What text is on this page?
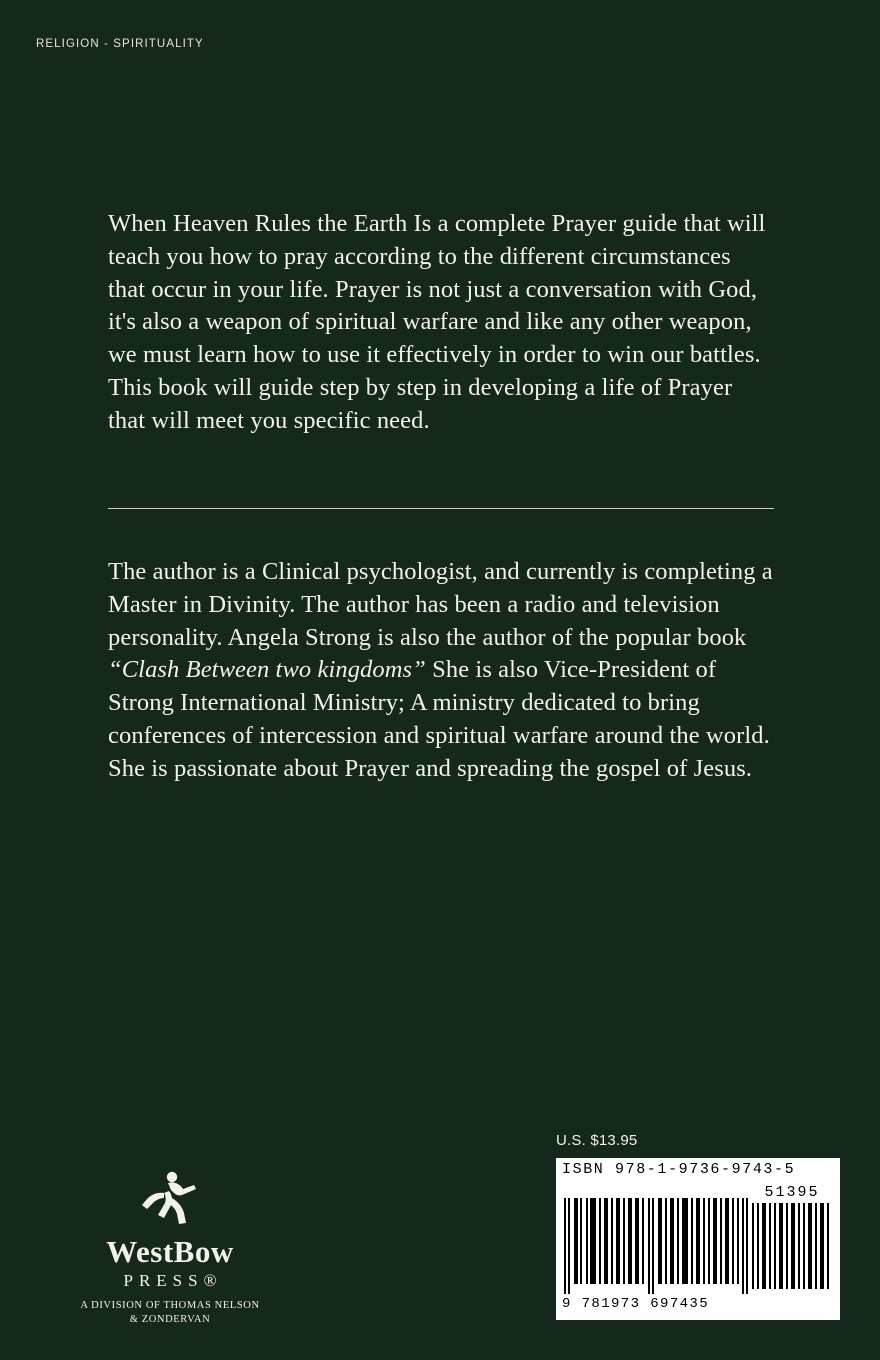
RELIGION - SPIRITUALITY
When Heaven Rules the Earth Is a complete Prayer guide that will teach you how to pray according to the different circumstances that occur in your life. Prayer is not just a conversation with God, it's also a weapon of spiritual warfare and like any other weapon, we must learn how to use it effectively in order to win our battles. This book will guide step by step in developing a life of Prayer that will meet you specific need.
The author is a Clinical psychologist, and currently is completing a Master in Divinity. The author has been a radio and television personality. Angela Strong is also the author of the popular book “Clash Between two kingdoms” She is also Vice-President of Strong International Ministry; A ministry dedicated to bring conferences of intercession and spiritual warfare around the world. She is passionate about Prayer and spreading the gospel of Jesus.
WestBow
PRESS®
A DIVISION OF THOMAS NELSON
& ZONDERVAN
U.S. $13.95
ISBN 978-1-9736-9743-5
9 781973 697435
51395
